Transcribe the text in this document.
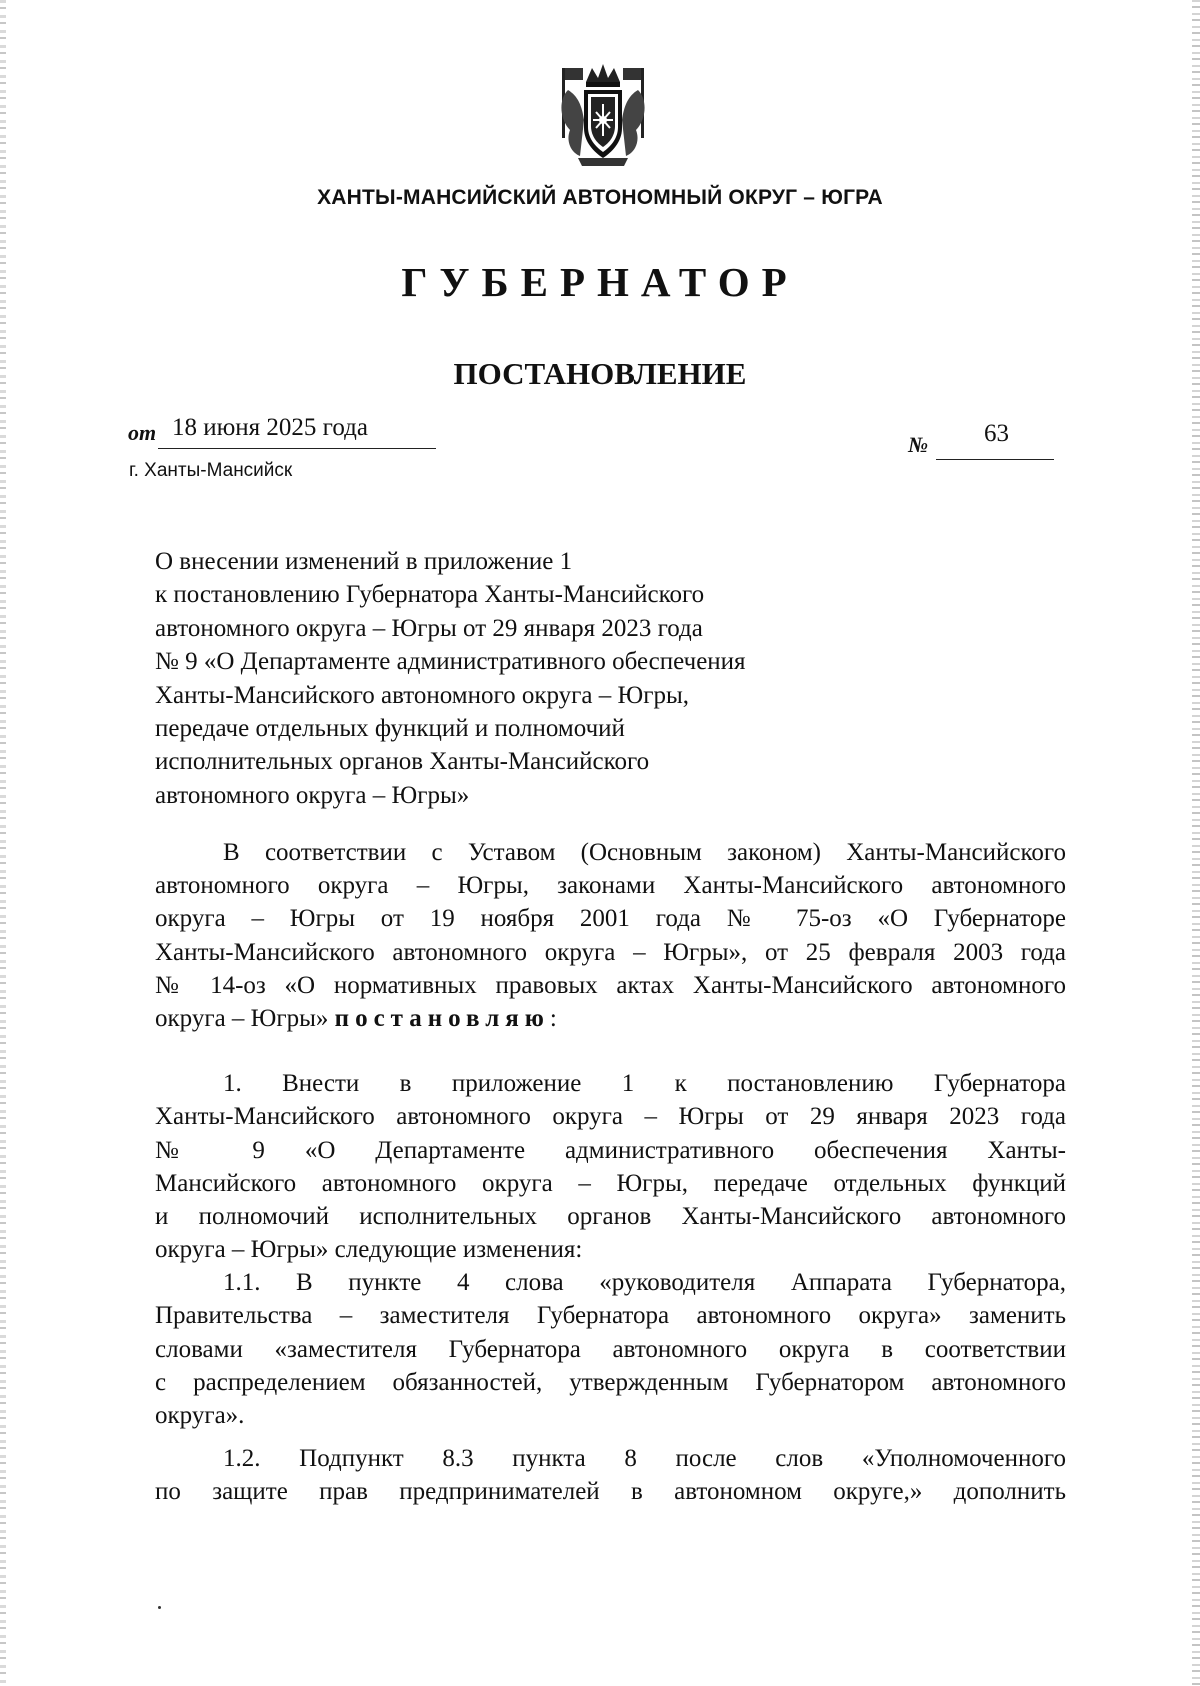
ХАНТЫ-МАНСИЙСКИЙ АВТОНОМНЫЙ ОКРУГ – ЮГРА
ГУБЕРНАТОР
ПОСТАНОВЛЕНИЕ
от 18 июня 2025 года
№ 63
г. Ханты-Мансийск
О внесении изменений в приложение 1
к постановлению Губернатора Ханты-Мансийского
автономного округа – Югры от 29 января 2023 года
№ 9 «О Департаменте административного обеспечения
Ханты-Мансийского автономного округа – Югры,
передаче отдельных функций и полномочий
исполнительных органов Ханты-Мансийского
автономного округа – Югры»
В соответствии с Уставом (Основным законом) Ханты-Мансийского
автономного округа – Югры, законами Ханты-Мансийского автономного
округа – Югры от 19 ноября 2001 года № 75-оз «О Губернаторе
Ханты-Мансийского автономного округа – Югры», от 25 февраля 2003 года
№ 14-оз «О нормативных правовых актах Ханты-Мансийского автономного
округа – Югры» постановляю:
1. Внести в приложение 1 к постановлению Губернатора
Ханты-Мансийского автономного округа – Югры от 29 января 2023 года
№ 9 «О Департаменте административного обеспечения Ханты-
Мансийского автономного округа – Югры, передаче отдельных функций
и полномочий исполнительных органов Ханты-Мансийского автономного
округа – Югры» следующие изменения:
1.1. В пункте 4 слова «руководителя Аппарата Губернатора,
Правительства – заместителя Губернатора автономного округа» заменить
словами «заместителя Губернатора автономного округа в соответствии
с распределением обязанностей, утвержденным Губернатором автономного
округа».
1.2. Подпункт 8.3 пункта 8 после слов «Уполномоченного
по защите прав предпринимателей в автономном округе,» дополнить
